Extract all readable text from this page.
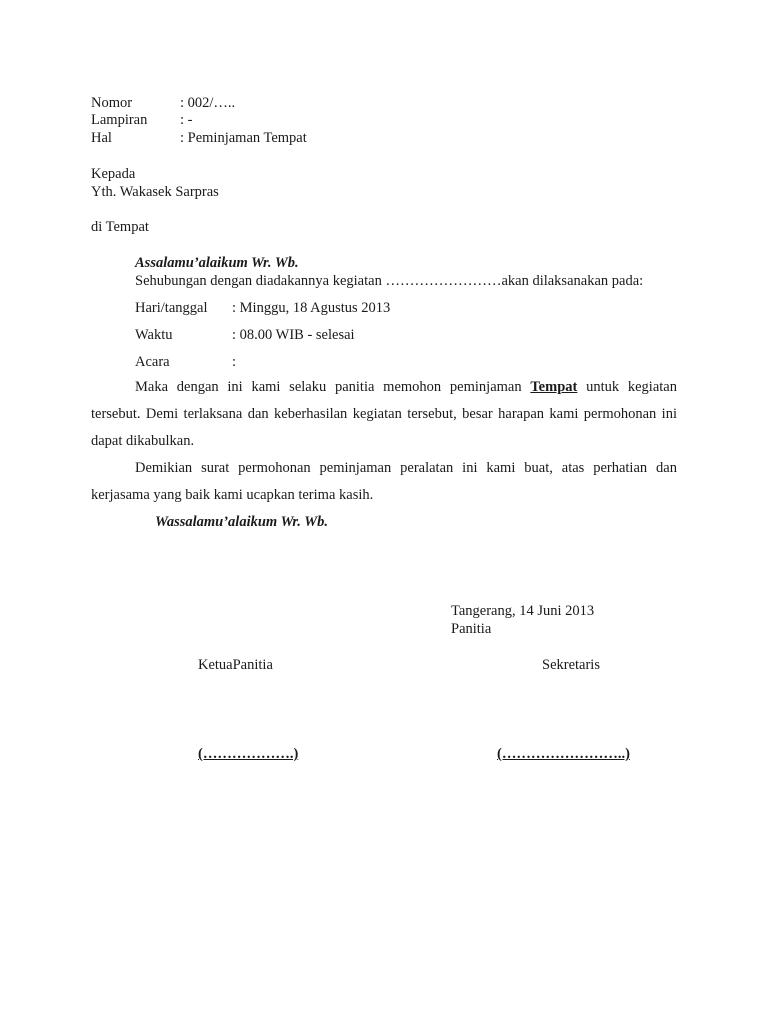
Nomor	: 002/…..
Lampiran : -
Hal	: Peminjaman Tempat
Kepada
Yth. Wakasek Sarpras
di Tempat
Assalamu’alaikum Wr. Wb.
Sehubungan dengan diadakannya kegiatan ……………………akan dilaksanakan pada:
Hari/tanggal : Minggu, 18 Agustus 2013
Waktu	: 08.00 WIB - selesai
Acara	:
Maka dengan ini kami selaku panitia memohon peminjaman Tempat untuk kegiatan tersebut. Demi terlaksana dan keberhasilan kegiatan tersebut, besar harapan kami permohonan ini dapat dikabulkan.
Demikian surat permohonan peminjaman peralatan ini kami buat, atas perhatian dan kerjasama yang baik kami ucapkan terima kasih.
Wassalamu’alaikum Wr. Wb.
Tangerang, 14 Juni 2013
Panitia
KetuaPanitia	Sekretaris
(……………….)	(……………………..)
